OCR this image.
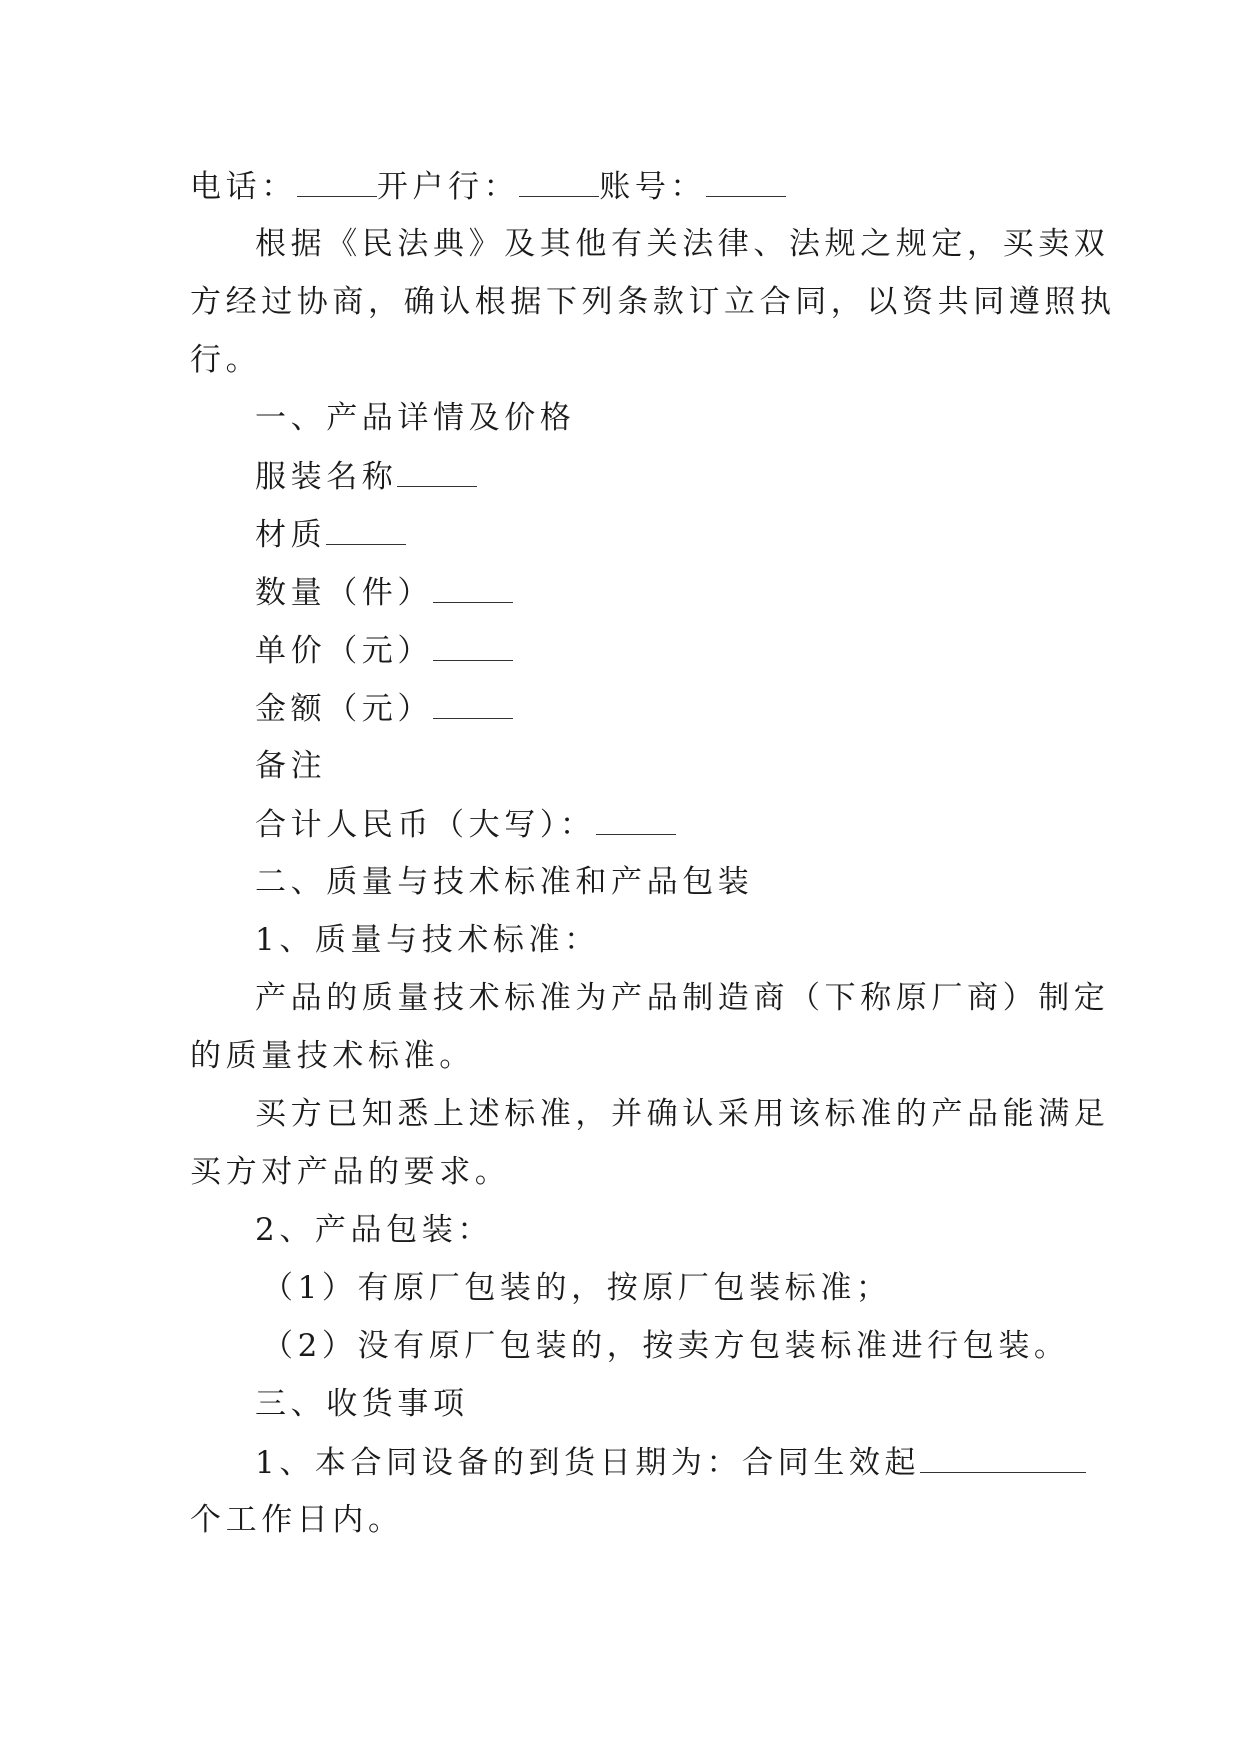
电话：	开户行：	账号：
根据《民法典》及其他有关法律、法规之规定，买卖双
方经过协商，确认根据下列条款订立合同，以资共同遵照执
行。
一、产品详情及价格
服装名称
材质
数量（件）
单价（元）
金额（元）
备注
合计人民币（大写）：
二、质量与技术标准和产品包装
1、质量与技术标准：
产品的质量技术标准为产品制造商（下称原厂商）制定
的质量技术标准。
买方已知悉上述标准，并确认采用该标准的产品能满足
买方对产品的要求。
2、产品包装：
（1）有原厂包装的，按原厂包装标准；
（2）没有原厂包装的，按卖方包装标准进行包装。
三、收货事项
1、本合同设备的到货日期为：合同生效起
个工作日内。
